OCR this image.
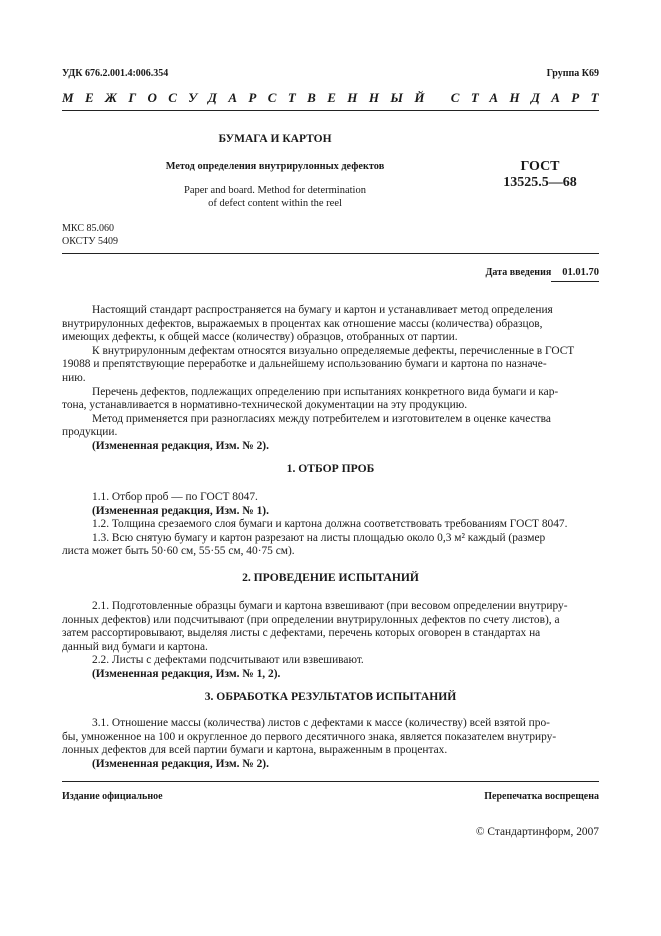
УДК 676.2.001.4:006.354	Группа К69
МЕЖГОСУДАРСТВЕННЫЙ СТАНДАРТ
БУМАГА И КАРТОН
Метод определения внутрирулонных дефектов
Paper and board. Method for determination
of defect content within the reel
ГОСТ
13525.5—68
МКС 85.060
ОКСТУ 5409
Дата введения 01.01.70
Настоящий стандарт распространяется на бумагу и картон и устанавливает метод определения
внутрирулонных дефектов, выражаемых в процентах как отношение массы (количества) образцов,
имеющих дефекты, к общей массе (количеству) образцов, отобранных от партии.
К внутрирулонным дефектам относятся визуально определяемые дефекты, перечисленные в ГОСТ
19088 и препятствующие переработке и дальнейшему использованию бумаги и картона по назначе-
нию.
Перечень дефектов, подлежащих определению при испытаниях конкретного вида бумаги и кар-
тона, устанавливается в нормативно-технической документации на эту продукцию.
Метод применяется при разногласиях между потребителем и изготовителем в оценке качества
продукции.
(Измененная редакция, Изм. № 2).
1. ОТБОР ПРОБ
1.1. Отбор проб — по ГОСТ 8047.
(Измененная редакция, Изм. № 1).
1.2. Толщина срезаемого слоя бумаги и картона должна соответствовать требованиям ГОСТ 8047.
1.3. Всю снятую бумагу и картон разрезают на листы площадью около 0,3 м² каждый (размер
листа может быть 50·60 см, 55·55 см, 40·75 см).
2. ПРОВЕДЕНИЕ ИСПЫТАНИЙ
2.1. Подготовленные образцы бумаги и картона взвешивают (при весовом определении внутриру-
лонных дефектов) или подсчитывают (при определении внутрирулонных дефектов по счету листов), а
затем рассортировывают, выделяя листы с дефектами, перечень которых оговорен в стандартах на
данный вид бумаги и картона.
2.2. Листы с дефектами подсчитывают или взвешивают.
(Измененная редакция, Изм. № 1, 2).
3. ОБРАБОТКА РЕЗУЛЬТАТОВ ИСПЫТАНИЙ
3.1. Отношение массы (количества) листов с дефектами к массе (количеству) всей взятой про-
бы, умноженное на 100 и округленное до первого десятичного знака, является показателем внутриру-
лонных дефектов для всей партии бумаги и картона, выраженным в процентах.
(Измененная редакция, Изм. № 2).
Издание официальное	Перепечатка воспрещена
© Стандартинформ, 2007
